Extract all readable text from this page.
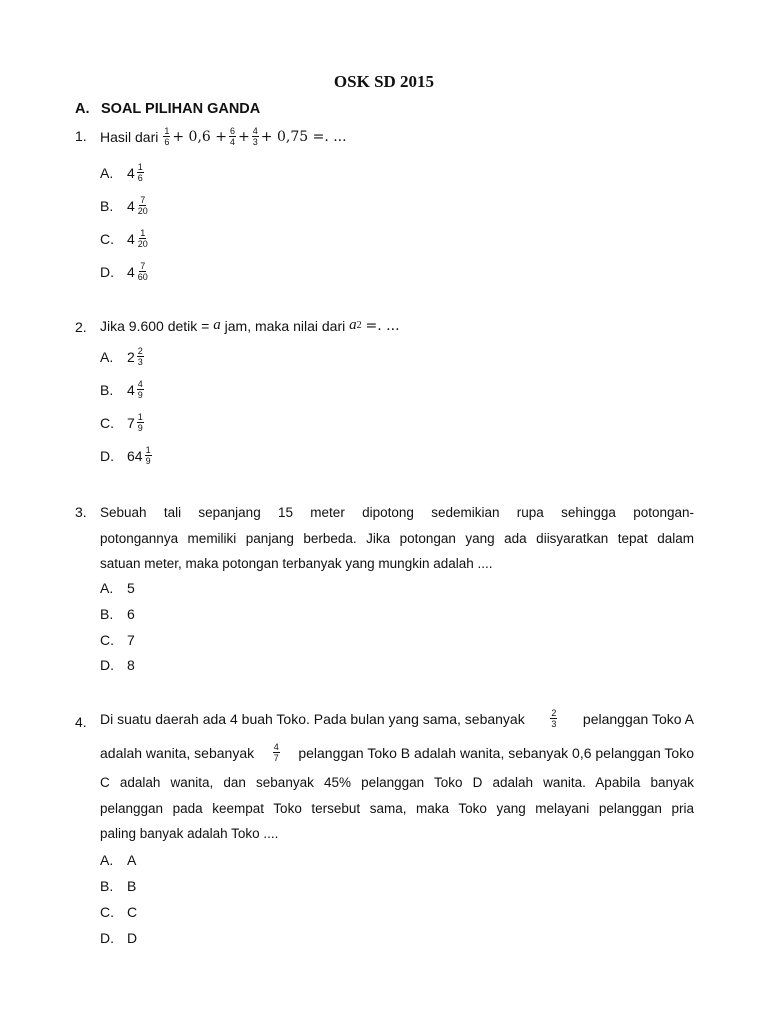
OSK SD 2015
A. SOAL PILIHAN GANDA
1. Hasil dari $\frac{1}{6} + 0,6 + \frac{6}{4} + \frac{4}{3} + 0,75$ =. ...
A. $4 \frac{1}{6}$
B. $4 \frac{7}{20}$
C. $4 \frac{1}{20}$
D. $4 \frac{7}{60}$
2. Jika 9.600 detik =
a
jam, maka nilai dari
a 2
=. ...
A. $2 \frac{2}{3}$
B. $4 \frac{4}{9}$
C. $7 \frac{1}{9}$
D. $64 \frac{1}{9}$
3. Sebuah tali sepanjang 15 meter dipotong sedemikian rupa sehingga potongan-
potongannya memiliki panjang berbeda. Jika potongan yang ada diisyaratkan tepat dalam
satuan meter, maka potongan terbanyak yang mungkin adalah ....
A. 5
B. 6
C. 7
D. 8
4. Di suatu daerah ada 4 buah Toko. Pada bulan yang sama, sebanyak	$\frac{2}{3}$ pelanggan Toko A
adalah wanita, sebanyak $\frac{4}{7}$ pelanggan Toko B adalah wanita, sebanyak 0,6 pelanggan Toko
C adalah wanita, dan sebanyak 45% pelanggan Toko D adalah wanita. Apabila banyak
pelanggan pada keempat Toko tersebut sama, maka Toko yang melayani pelanggan pria
paling banyak adalah Toko ....
A. A
B. B
C. C
D. D
